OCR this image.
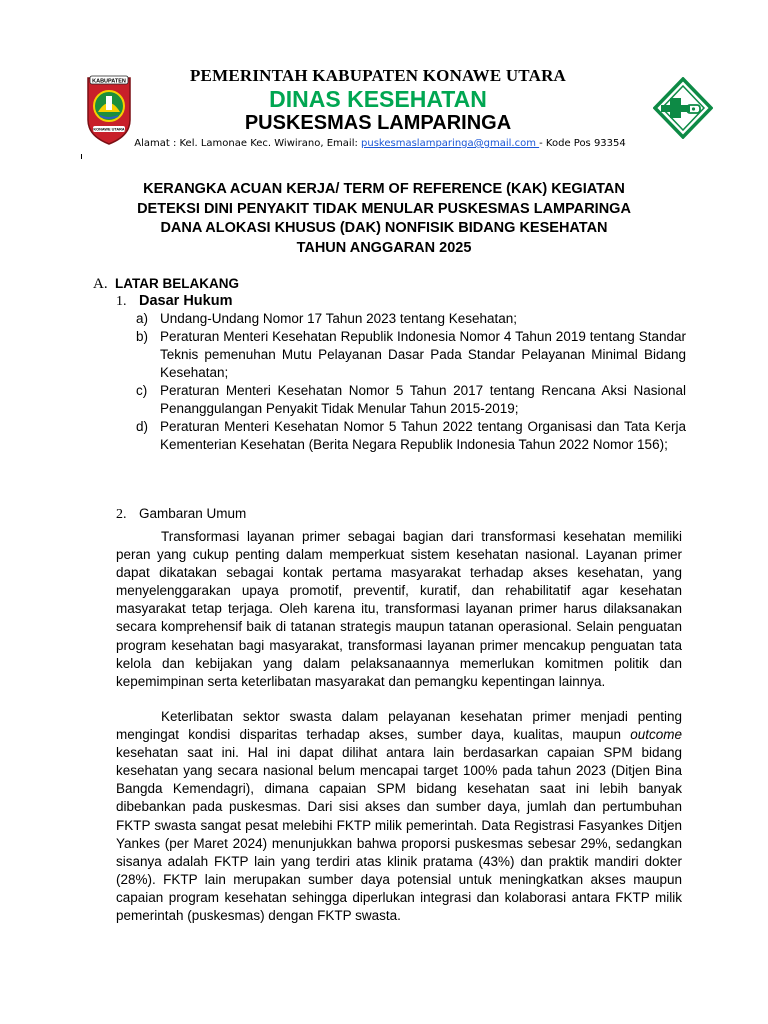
KABUPATEN
KONAWE UTARA
PEMERINTAH KABUPATEN KONAWE UTARA
DINAS KESEHATAN
PUSKESMAS LAMPARINGA
Alamat : Kel. Lamonae Kec. Wiwirano, Email: puskesmaslamparinga@gmail.com - Kode Pos 93354
KERANGKA ACUAN KERJA/ TERM OF REFERENCE (KAK) KEGIATAN
DETEKSI DINI PENYAKIT TIDAK MENULAR PUSKESMAS LAMPARINGA
DANA ALOKASI KHUSUS (DAK) NONFISIK BIDANG KESEHATAN
TAHUN ANGGARAN 2025
A. LATAR BELAKANG
1. Dasar Hukum
a) Undang-Undang Nomor 17 Tahun 2023 tentang Kesehatan;
b) Peraturan Menteri Kesehatan Republik Indonesia Nomor 4 Tahun 2019 tentang Standar Teknis pemenuhan Mutu Pelayanan Dasar Pada Standar Pelayanan Minimal Bidang Kesehatan;
c) Peraturan Menteri Kesehatan Nomor 5 Tahun 2017 tentang Rencana Aksi Nasional Penanggulangan Penyakit Tidak Menular Tahun 2015-2019;
d) Peraturan Menteri Kesehatan Nomor 5 Tahun 2022 tentang Organisasi dan Tata Kerja Kementerian Kesehatan (Berita Negara Republik Indonesia Tahun 2022 Nomor 156);
2. Gambaran Umum

Transformasi layanan primer sebagai bagian dari transformasi kesehatan memiliki peran yang cukup penting dalam memperkuat sistem kesehatan nasional. Layanan primer dapat dikatakan sebagai kontak pertama masyarakat terhadap akses kesehatan, yang menyelenggarakan upaya promotif, preventif, kuratif, dan rehabilitatif agar kesehatan masyarakat tetap terjaga. Oleh karena itu, transformasi layanan primer harus dilaksanakan secara komprehensif baik di tatanan strategis maupun tatanan operasional. Selain penguatan program kesehatan bagi masyarakat, transformasi layanan primer mencakup penguatan tata kelola dan kebijakan yang dalam pelaksanaannya memerlukan komitmen politik dan kepemimpinan serta keterlibatan masyarakat dan pemangku kepentingan lainnya.

Keterlibatan sektor swasta dalam pelayanan kesehatan primer menjadi penting mengingat kondisi disparitas terhadap akses, sumber daya, kualitas, maupun outcome kesehatan saat ini. Hal ini dapat dilihat antara lain berdasarkan capaian SPM bidang kesehatan yang secara nasional belum mencapai target 100% pada tahun 2023 (Ditjen Bina Bangda Kemendagri), dimana capaian SPM bidang kesehatan saat ini lebih banyak dibebankan pada puskesmas. Dari sisi akses dan sumber daya, jumlah dan pertumbuhan FKTP swasta sangat pesat melebihi FKTP milik pemerintah. Data Registrasi Fasyankes Ditjen Yankes (per Maret 2024) menunjukkan bahwa proporsi puskesmas sebesar 29%, sedangkan sisanya adalah FKTP lain yang terdiri atas klinik pratama (43%) dan praktik mandiri dokter (28%). FKTP lain merupakan sumber daya potensial untuk meningkatkan akses maupun capaian program kesehatan sehingga diperlukan integrasi dan kolaborasi antara FKTP milik pemerintah (puskesmas) dengan FKTP swasta.
